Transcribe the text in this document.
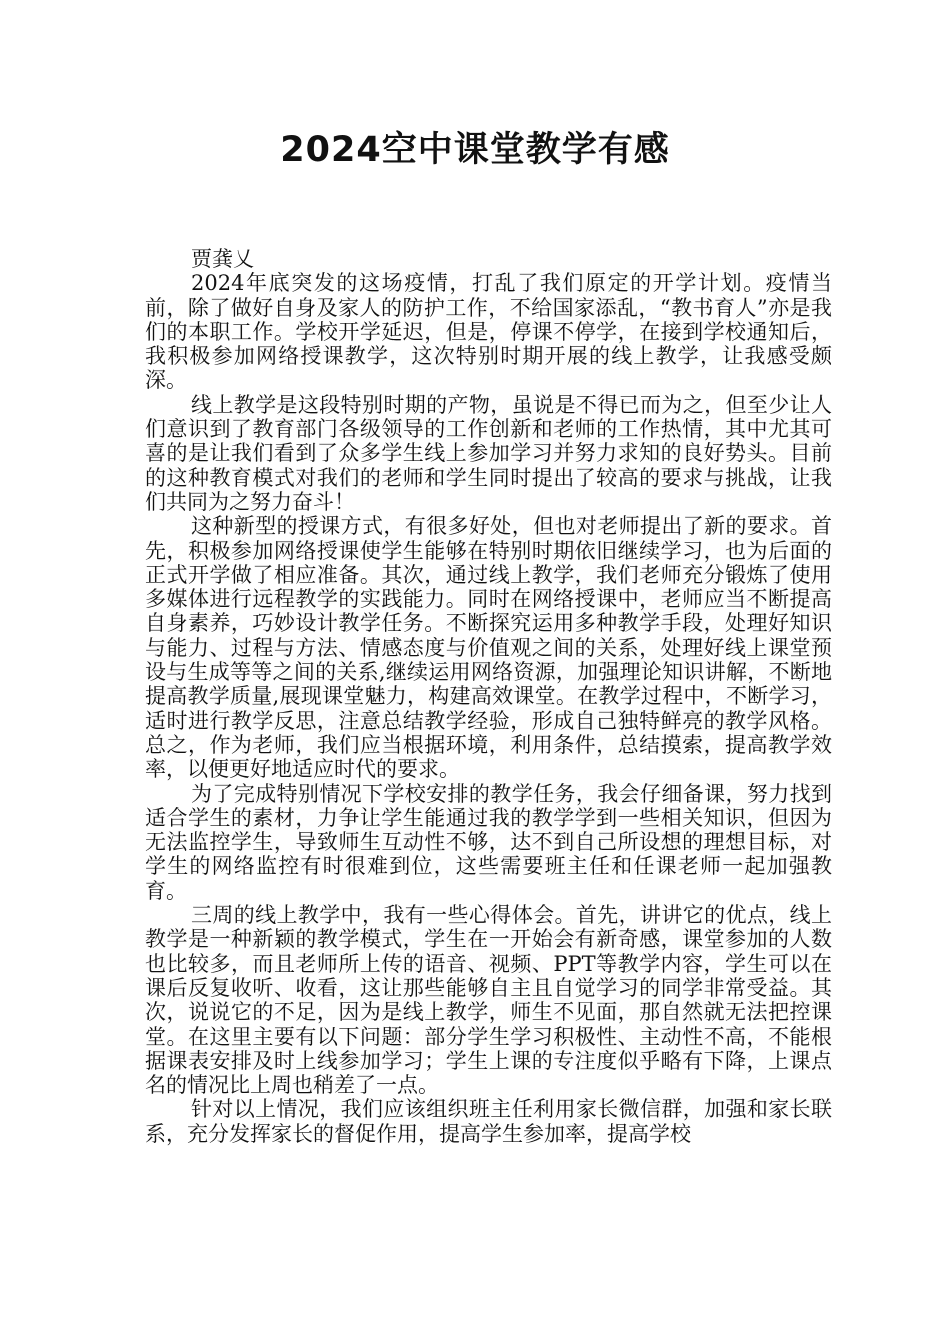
2024空中课堂教学有感

贾龚乂

2024年底突发的这场疫情，打乱了我们原定的开学计划。疫情当前，除了做好自身及家人的防护工作，不给国家添乱，“教书育人”亦是我们的本职工作。学校开学延迟，但是，停课不停学，在接到学校通知后，我积极参加网络授课教学，这次特别时期开展的线上教学，让我感受颇深。

线上教学是这段特别时期的产物，虽说是不得已而为之，但至少让人们意识到了教育部门各级领导的工作创新和老师的工作热情，其中尤其可喜的是让我们看到了众多学生线上参加学习并努力求知的良好势头。目前的这种教育模式对我们的老师和学生同时提出了较高的要求与挑战，让我们共同为之努力奋斗！

这种新型的授课方式，有很多好处，但也对老师提出了新的要求。首先，积极参加网络授课使学生能够在特别时期依旧继续学习，也为后面的正式开学做了相应准备。其次，通过线上教学，我们老师充分锻炼了使用多媒体进行远程教学的实践能力。同时在网络授课中，老师应当不断提高自身素养，巧妙设计教学任务。不断探究运用多种教学手段，处理好知识与能力、过程与方法、情感态度与价值观之间的关系，处理好线上课堂预设与生成等等之间的关系,继续运用网络资源，加强理论知识讲解，不断地提高教学质量,展现课堂魅力，构建高效课堂。在教学过程中，不断学习，适时进行教学反思，注意总结教学经验，形成自己独特鲜亮的教学风格。总之，作为老师，我们应当根据环境，利用条件，总结摸索，提高教学效率，以便更好地适应时代的要求。

为了完成特别情况下学校安排的教学任务，我会仔细备课，努力找到适合学生的素材，力争让学生能通过我的教学学到一些相关知识，但因为无法监控学生，导致师生互动性不够，达不到自己所设想的理想目标，对学生的网络监控有时很难到位，这些需要班主任和任课老师一起加强教育。

三周的线上教学中，我有一些心得体会。首先，讲讲它的优点，线上教学是一种新颖的教学模式，学生在一开始会有新奇感，课堂参加的人数也比较多，而且老师所上传的语音、视频、PPT等教学内容，学生可以在课后反复收听、收看，这让那些能够自主且自觉学习的同学非常受益。其次，说说它的不足，因为是线上教学，师生不见面，那自然就无法把控课堂。在这里主要有以下问题：部分学生学习积极性、主动性不高，不能根据课表安排及时上线参加学习；学生上课的专注度似乎略有下降，上课点名的情况比上周也稍差了一点。

针对以上情况，我们应该组织班主任利用家长微信群，加强和家长联系，充分发挥家长的督促作用，提高学生参加率，提高学校
